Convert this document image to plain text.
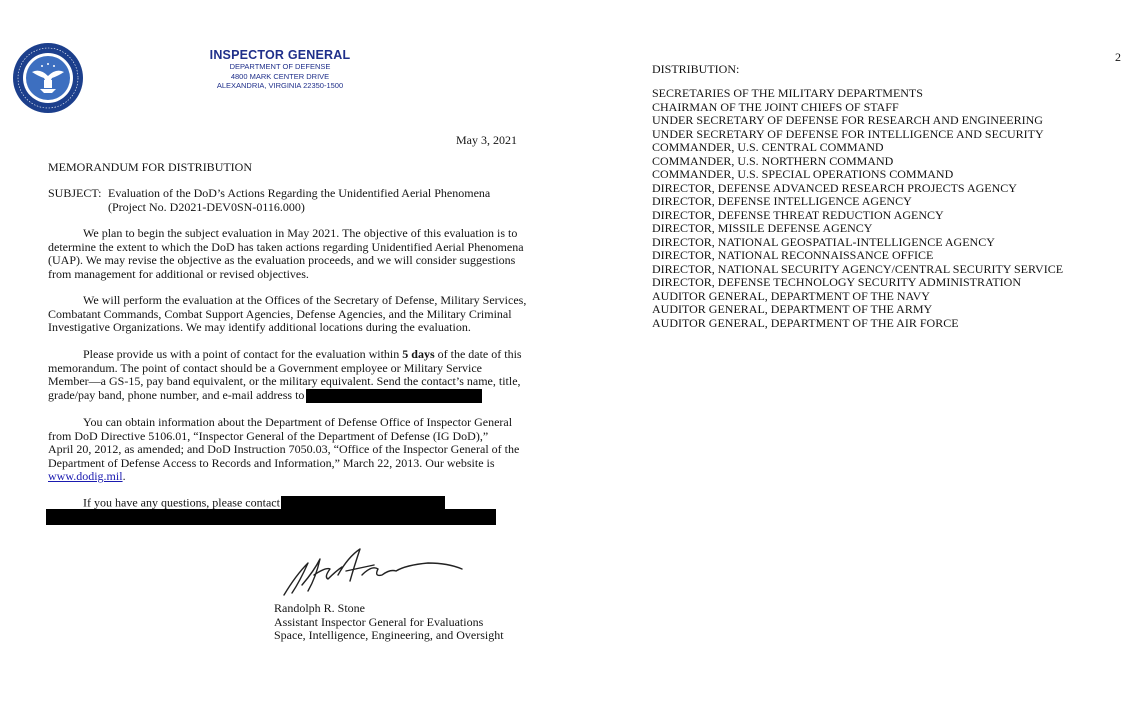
INSPECTOR GENERAL
DEPARTMENT OF DEFENSE
4800 MARK CENTER DRIVE
ALEXANDRIA, VIRGINIA 22350-1500
May 3, 2021
MEMORANDUM FOR DISTRIBUTION
SUBJECT: Evaluation of the DoD’s Actions Regarding the Unidentified Aerial Phenomena
(Project No. D2021-DEV0SN-0116.000)

We plan to begin the subject evaluation in May 2021. The objective of this evaluation is to
determine the extent to which the DoD has taken actions regarding Unidentified Aerial Phenomena
(UAP). We may revise the objective as the evaluation proceeds, and we will consider suggestions
from management for additional or revised objectives.

We will perform the evaluation at the Offices of the Secretary of Defense, Military Services,
Combatant Commands, Combat Support Agencies, Defense Agencies, and the Military Criminal
Investigative Organizations. We may identify additional locations during the evaluation.

Please provide us with a point of contact for the evaluation within 5 days of the date of this
memorandum. The point of contact should be a Government employee or Military Service
Member—a GS-15, pay band equivalent, or the military equivalent. Send the contact’s name, title,
grade/pay band, phone number, and e-mail address to

You can obtain information about the Department of Defense Office of Inspector General
from DoD Directive 5106.01, “Inspector General of the Department of Defense (IG DoD),”
April 20, 2012, as amended; and DoD Instruction 7050.03, “Office of the Inspector General of the
Department of Defense Access to Records and Information,” March 22, 2013. Our website is
www.dodig.mil.

If you have any questions, please contact

Randolph R. Stone
Assistant Inspector General for Evaluations
Space, Intelligence, Engineering, and Oversight
2
DISTRIBUTION:
SECRETARIES OF THE MILITARY DEPARTMENTS
CHAIRMAN OF THE JOINT CHIEFS OF STAFF
UNDER SECRETARY OF DEFENSE FOR RESEARCH AND ENGINEERING
UNDER SECRETARY OF DEFENSE FOR INTELLIGENCE AND SECURITY
COMMANDER, U.S. CENTRAL COMMAND
COMMANDER, U.S. NORTHERN COMMAND
COMMANDER, U.S. SPECIAL OPERATIONS COMMAND
DIRECTOR, DEFENSE ADVANCED RESEARCH PROJECTS AGENCY
DIRECTOR, DEFENSE INTELLIGENCE AGENCY
DIRECTOR, DEFENSE THREAT REDUCTION AGENCY
DIRECTOR, MISSILE DEFENSE AGENCY
DIRECTOR, NATIONAL GEOSPATIAL-INTELLIGENCE AGENCY
DIRECTOR, NATIONAL RECONNAISSANCE OFFICE
DIRECTOR, NATIONAL SECURITY AGENCY/CENTRAL SECURITY SERVICE
DIRECTOR, DEFENSE TECHNOLOGY SECURITY ADMINISTRATION
AUDITOR GENERAL, DEPARTMENT OF THE NAVY
AUDITOR GENERAL, DEPARTMENT OF THE ARMY
AUDITOR GENERAL, DEPARTMENT OF THE AIR FORCE
